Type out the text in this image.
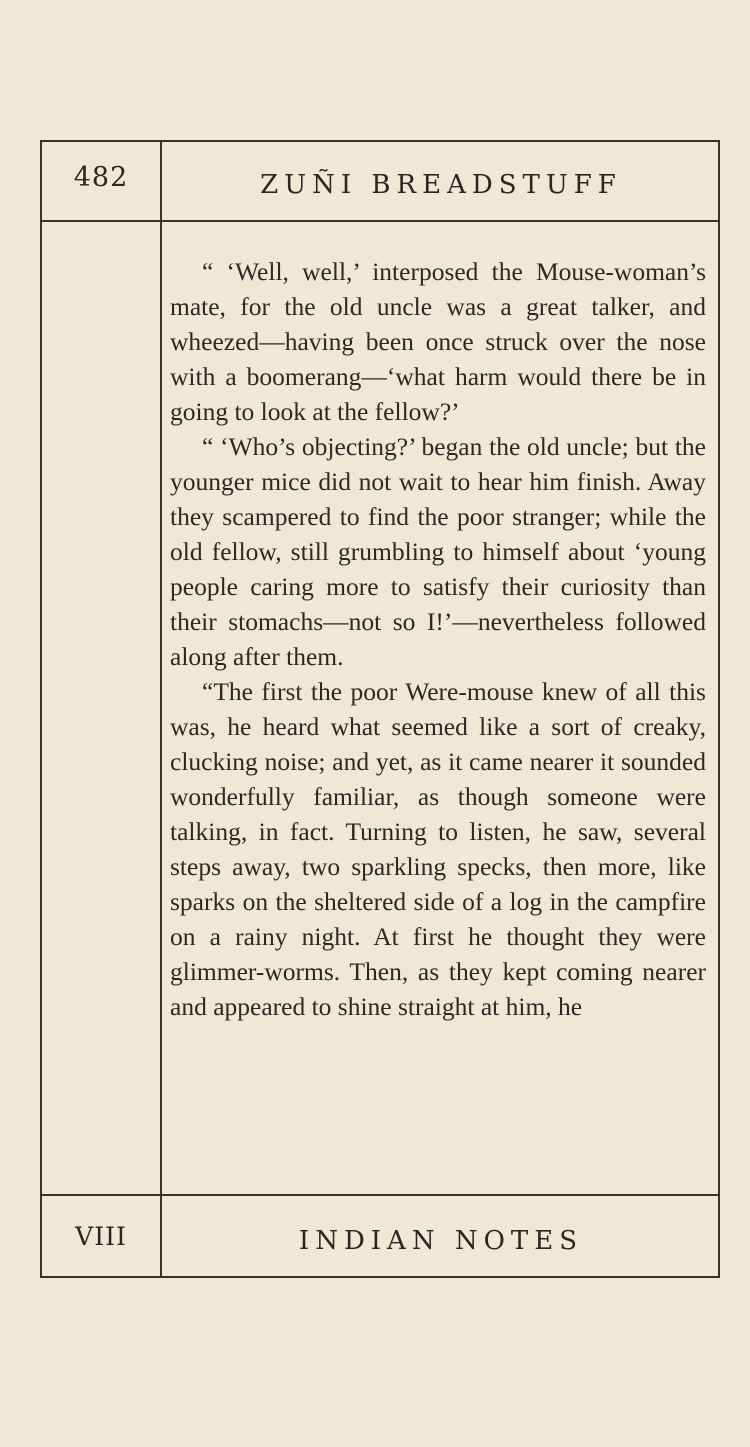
482	ZUÑI BREADSTUFF

“ ‘Well, well,’ interposed the Mouse-woman’s mate, for the old uncle was a great talker, and wheezed—having been once struck over the nose with a boomerang—‘what harm would there be in going to look at the fellow?’

“ ‘Who’s objecting?’ began the old uncle; but the younger mice did not wait to hear him finish. Away they scampered to find the poor stranger; while the old fellow, still grumbling to himself about ‘young people caring more to satisfy their curiosity than their stomachs—not so I!’—nevertheless followed along after them.

“The first the poor Were-mouse knew of all this was, he heard what seemed like a sort of creaky, clucking noise; and yet, as it came nearer it sounded wonderfully familiar, as though someone were talking, in fact. Turning to listen, he saw, several steps away, two sparkling specks, then more, like sparks on the sheltered side of a log in the campfire on a rainy night. At first he thought they were glimmer-worms. Then, as they kept coming nearer and appeared to shine straight at him, he

VIII	INDIAN NOTES
